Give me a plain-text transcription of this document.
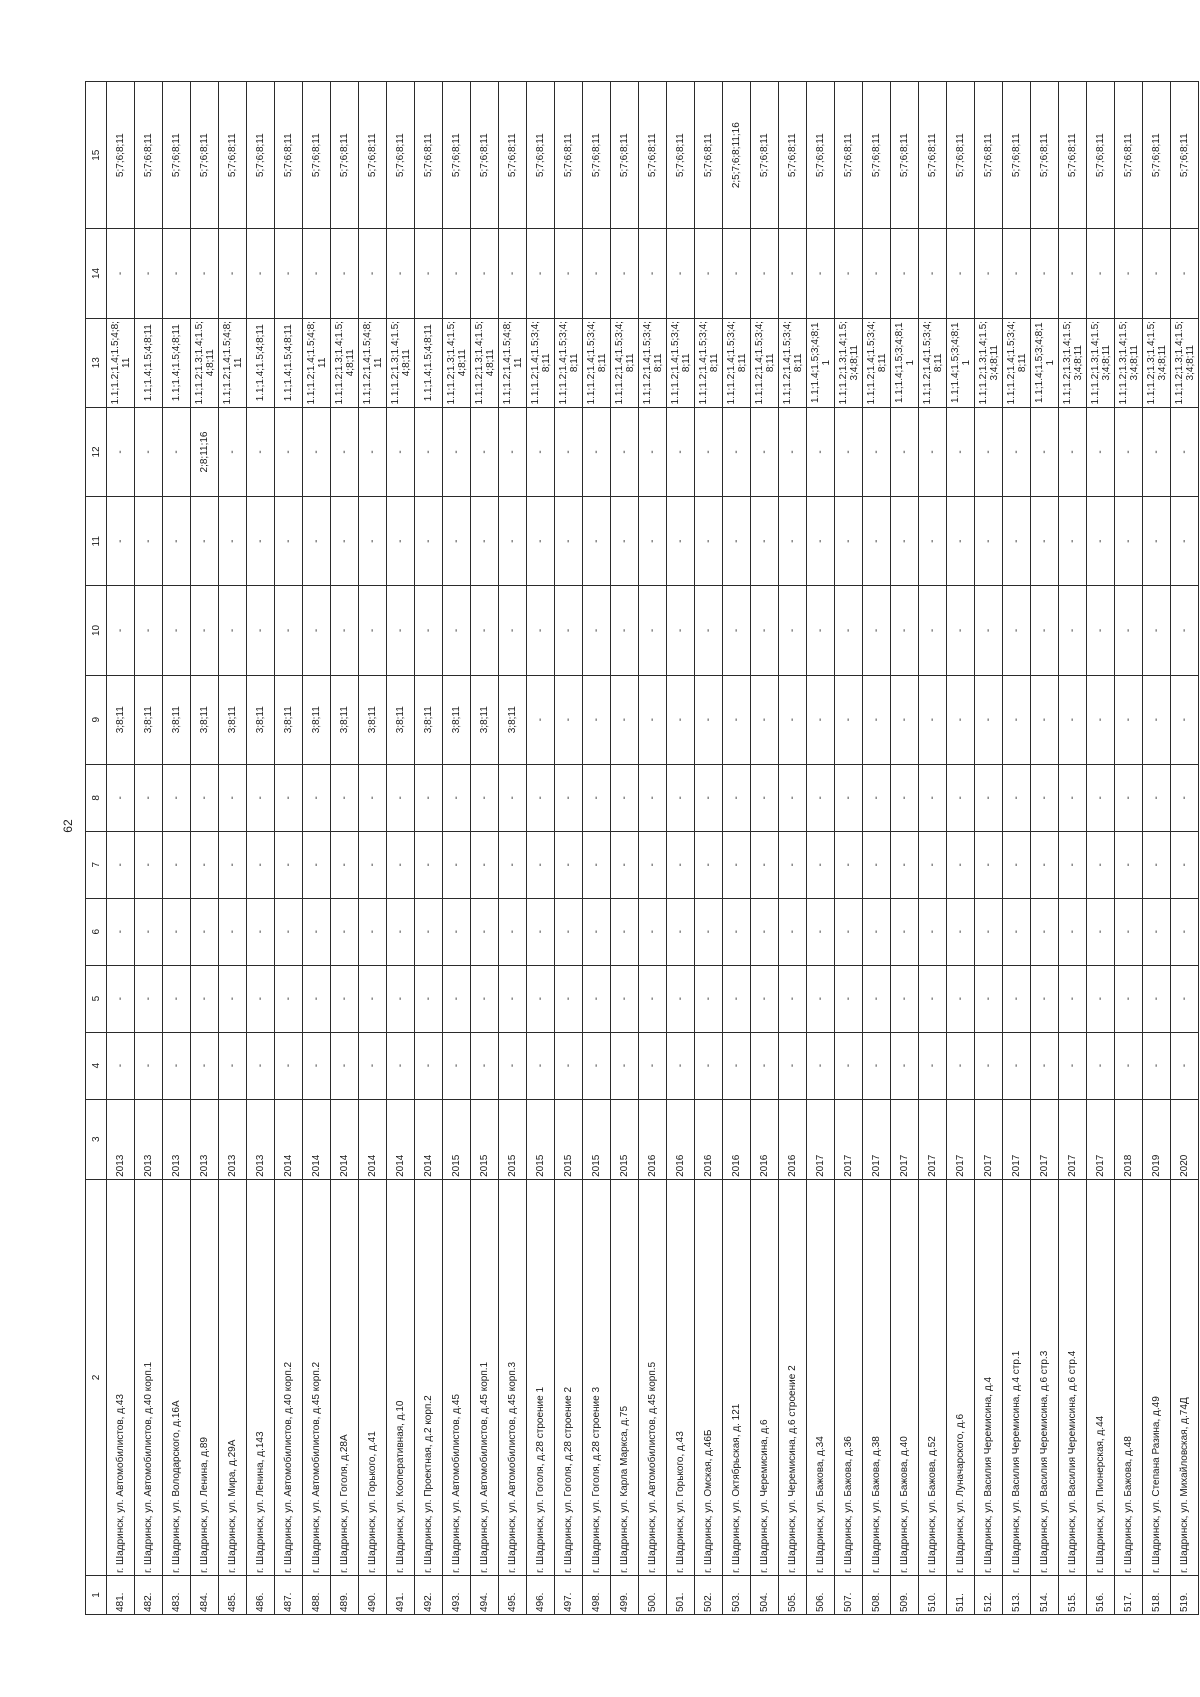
62
1	2	3	4	5	6	7	8	9	10	11	12	13	14	15
481.	г. Шадринск, ул. Автомобилистов, д.43	2013	-	-	-	-	-	3;8;11	-	-	-	1.1;1.2;1.4;1.5;4;8;11	-	5;7;6;8;11
482.	г. Шадринск, ул. Автомобилистов, д.40 корп.1	2013	-	-	-	-	-	3;8;11	-	-	-	1.1;1.4;1.5;4;8;11	-	5;7;6;8;11
483.	г. Шадринск, ул. Володарского, д.16А	2013	-	-	-	-	-	3;8;11	-	-	-	1.1;1.4;1.5;4;8;11	-	5;7;6;8;11
484.	г. Шадринск, ул. Ленина, д.89	2013	-	-	-	-	-	3;8;11	-	-	2;8;11;16	1.1;1.2;1.3;1.4;1.5;4;8;11	-	5;7;6;8;11
485.	г. Шадринск, ул. Мира, д.29А	2013	-	-	-	-	-	3;8;11	-	-	-	1.1;1.2;1.4;1.5;4;8;11	-	5;7;6;8;11
486.	г. Шадринск, ул. Ленина, д.143	2013	-	-	-	-	-	3;8;11	-	-	-	1.1;1.4;1.5;4;8;11	-	5;7;6;8;11
487.	г. Шадринск, ул. Автомобилистов, д.40 корп.2	2014	-	-	-	-	-	3;8;11	-	-	-	1.1;1.4;1.5;4;8;11	-	5;7;6;8;11
488.	г. Шадринск, ул. Автомобилистов, д.45 корп.2	2014	-	-	-	-	-	3;8;11	-	-	-	1.1;1.2;1.4;1.5;4;8;11	-	5;7;6;8;11
489.	г. Шадринск, ул. Гоголя, д.28А	2014	-	-	-	-	-	3;8;11	-	-	-	1.1;1.2;1.3;1.4;1.5;4;8;11	-	5;7;6;8;11
490.	г. Шадринск, ул. Горького, д.41	2014	-	-	-	-	-	3;8;11	-	-	-	1.1;1.2;1.4;1.5;4;8;11	-	5;7;6;8;11
491.	г. Шадринск, ул. Кооперативная, д.10	2014	-	-	-	-	-	3;8;11	-	-	-	1.1;1.2;1.3;1.4;1.5;4;8;11	-	5;7;6;8;11
492.	г. Шадринск, ул. Проектная, д.2 корп.2	2014	-	-	-	-	-	3;8;11	-	-	-	1.1;1.4;1.5;4;8;11	-	5;7;6;8;11
493.	г. Шадринск, ул. Автомобилистов, д.45	2015	-	-	-	-	-	3;8;11	-	-	-	1.1;1.2;1.3;1.4;1.5;4;8;11	-	5;7;6;8;11
494.	г. Шадринск, ул. Автомобилистов, д.45 корп.1	2015	-	-	-	-	-	3;8;11	-	-	-	1.1;1.2;1.3;1.4;1.5;4;8;11	-	5;7;6;8;11
495.	г. Шадринск, ул. Автомобилистов, д.45 корп.3	2015	-	-	-	-	-	3;8;11	-	-	-	1.1;1.2;1.4;1.5;4;8;11	-	5;7;6;8;11
496.	г. Шадринск, ул. Гоголя, д.28 строение 1	2015	-	-	-	-	-	-	-	-	-	1.1;1.2;1.4;1.5;3;4;8;11	-	5;7;6;8;11
497.	г. Шадринск, ул. Гоголя, д.28 строение 2	2015	-	-	-	-	-	-	-	-	-	1.1;1.2;1.4;1.5;3;4;8;11	-	5;7;6;8;11
498.	г. Шадринск, ул. Гоголя, д.28 строение 3	2015	-	-	-	-	-	-	-	-	-	1.1;1.2;1.4;1.5;3;4;8;11	-	5;7;6;8;11
499.	г. Шадринск, ул. Карла Маркса, д.75	2015	-	-	-	-	-	-	-	-	-	1.1;1.2;1.4;1.5;3;4;8;11	-	5;7;6;8;11
500.	г. Шадринск, ул. Автомобилистов, д.45 корп.5	2016	-	-	-	-	-	-	-	-	-	1.1;1.2;1.4;1.5;3;4;8;11	-	5;7;6;8;11
501.	г. Шадринск, ул. Горького, д.43	2016	-	-	-	-	-	-	-	-	-	1.1;1.2;1.4;1.5;3;4;8;11	-	5;7;6;8;11
502.	г. Шадринск, ул. Омская, д.46Б	2016	-	-	-	-	-	-	-	-	-	1.1;1.2;1.4;1.5;3;4;8;11	-	5;7;6;8;11
503.	г. Шадринск, ул. Октябрьская, д. 121	2016	-	-	-	-	-	-	-	-	-	1.1;1.2;1.4;1.5;3;4;8;11	-	2;5;7;6;8;11;16
504.	г. Шадринск, ул. Черемисина, д.6	2016	-	-	-	-	-	-	-	-	-	1.1;1.2;1.4;1.5;3;4;8;11	-	5;7;6;8;11
505.	г. Шадринск, ул. Черемисина, д.6 строение 2	2016	-	-	-	-	-	-	-	-	-	1.1;1.2;1.4;1.5;3;4;8;11	-	5;7;6;8;11
506.	г. Шадринск, ул. Бажова, д.34	2017	-	-	-	-	-	-	-	-	-	1.1;1.4;1.5;3;4;8;11	-	5;7;6;8;11
507.	г. Шадринск, ул. Бажова, д.36	2017	-	-	-	-	-	-	-	-	-	1.1;1.2;1.3;1.4;1.5;3;4;8;11	-	5;7;6;8;11
508.	г. Шадринск, ул. Бажова, д.38	2017	-	-	-	-	-	-	-	-	-	1.1;1.2;1.4;1.5;3;4;8;11	-	5;7;6;8;11
509.	г. Шадринск, ул. Бажова, д.40	2017	-	-	-	-	-	-	-	-	-	1.1;1.4;1.5;3;4;8;11	-	5;7;6;8;11
510.	г. Шадринск, ул. Бажова, д.52	2017	-	-	-	-	-	-	-	-	-	1.1;1.2;1.4;1.5;3;4;8;11	-	5;7;6;8;11
511.	г. Шадринск, ул. Луначарского, д.6	2017	-	-	-	-	-	-	-	-	-	1.1;1.4;1.5;3;4;8;11	-	5;7;6;8;11
512.	г. Шадринск, ул. Василия Черемисина, д.4	2017	-	-	-	-	-	-	-	-	-	1.1;1.2;1.3;1.4;1.5;3;4;8;11	-	5;7;6;8;11
513.	г. Шадринск, ул. Василия Черемисина, д.4 стр.1	2017	-	-	-	-	-	-	-	-	-	1.1;1.2;1.4;1.5;3;4;8;11	-	5;7;6;8;11
514.	г. Шадринск, ул. Василия Черемисина, д.6 стр.3	2017	-	-	-	-	-	-	-	-	-	1.1;1.4;1.5;3;4;8;11	-	5;7;6;8;11
515.	г. Шадринск, ул. Василия Черемисина, д.6 стр.4	2017	-	-	-	-	-	-	-	-	-	1.1;1.2;1.3;1.4;1.5;3;4;8;11	-	5;7;6;8;11
516.	г. Шадринск, ул. Пионерская, д.44	2017	-	-	-	-	-	-	-	-	-	1.1;1.2;1.3;1.4;1.5;3;4;8;11	-	5;7;6;8;11
517.	г. Шадринск, ул. Бажова, д.48	2018	-	-	-	-	-	-	-	-	-	1.1;1.2;1.3;1.4;1.5;3;4;8;11	-	5;7;6;8;11
518.	г. Шадринск, ул. Степана Разина, д.49	2019	-	-	-	-	-	-	-	-	-	1.1;1.2;1.3;1.4;1.5;3;4;8;11	-	5;7;6;8;11
519.	г. Шадринск, ул. Михайловская, д.74Д	2020	-	-	-	-	-	-	-	-	-	1.1;1.2;1.3;1.4;1.5;3;4;8;11	-	5;7;6;8;11
